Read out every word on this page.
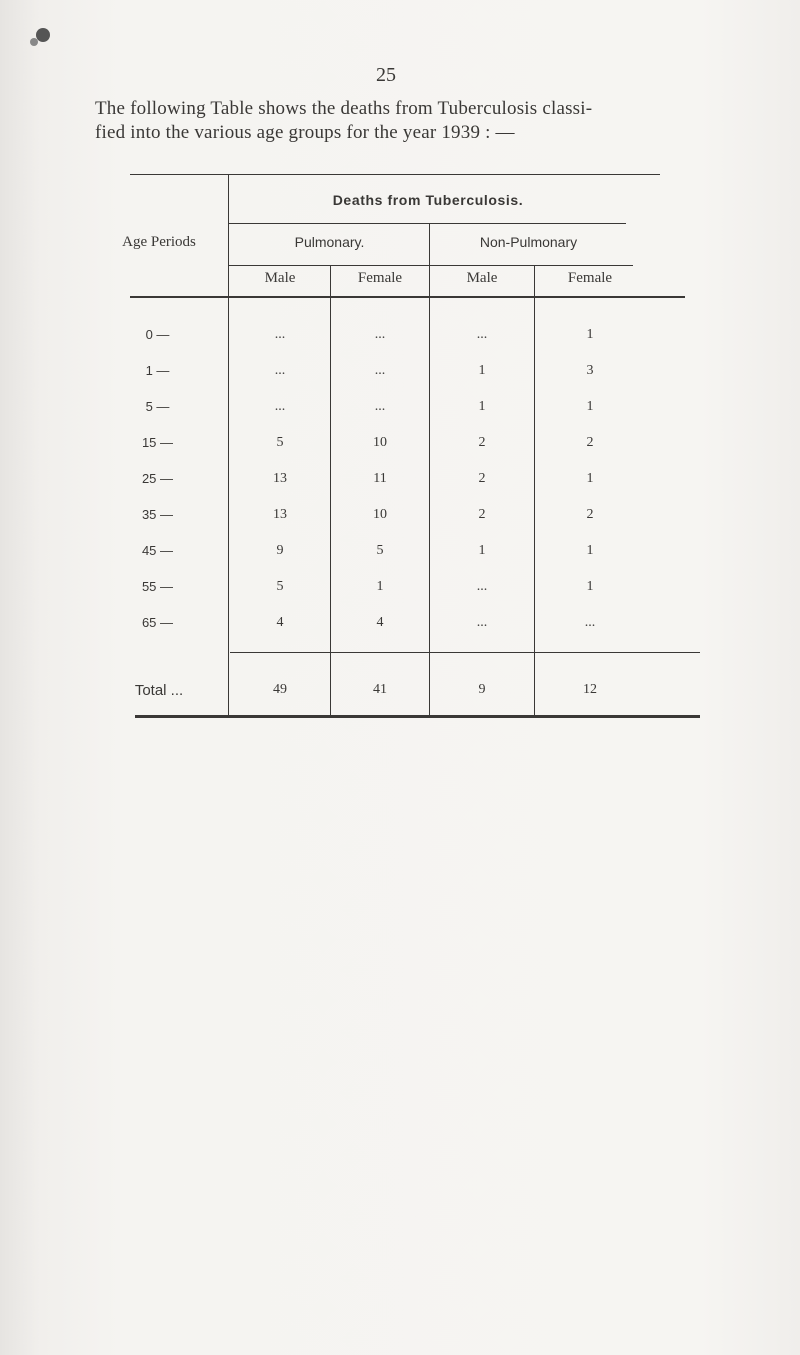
25
The following Table shows the deaths from Tuberculosis classi-
fied into the various age groups for the year 1939 : —
Deaths from Tuberculosis.
Age Periods	Pulmonary.	Non-Pulmonary
Male	Female	Male	Female
0 —	...	...	...	1
1 —	...	...	1	3
5 —	...	...	1	1
15 —	5	10	2	2
25 —	13	11	2	1
35 —	13	10	2	2
45 —	9	5	1	1
55 —	5	1	...	1
65 —	4	4	...	...
Total ...	49	41	9	12
